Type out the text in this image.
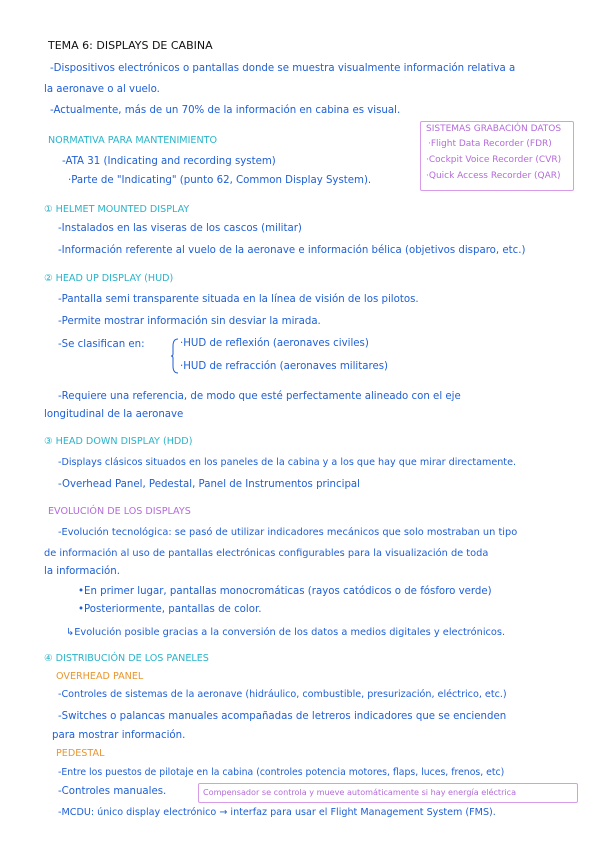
TEMA 6: DISPLAYS DE CABINA
-Dispositivos electrónicos o pantallas donde se muestra visualmente información relativa a
la aeronave o al vuelo.
-Actualmente, más de un 70% de la información en cabina es visual.
NORMATIVA PARA MANTENIMIENTO
-ATA 31 (Indicating and recording system)
·Parte de "Indicating" (punto 62, Common Display System).
SISTEMAS GRABACIÓN DATOS
·Flight Data Recorder (FDR)
·Cockpit Voice Recorder (CVR)
·Quick Access Recorder (QAR)
① HELMET MOUNTED DISPLAY
-Instalados en las viseras de los cascos (militar)
-Información referente al vuelo de la aeronave e información bélica (objetivos disparo, etc.)
② HEAD UP DISPLAY (HUD)
-Pantalla semi transparente situada en la línea de visión de los pilotos.
-Permite mostrar información sin desviar la mirada.
-Se clasifican en:	·HUD de reflexión (aeronaves civiles)
·HUD de refracción (aeronaves militares)
-Requiere una referencia, de modo que esté perfectamente alineado con el eje
longitudinal de la aeronave
③ HEAD DOWN DISPLAY (HDD)
-Displays clásicos situados en los paneles de la cabina y a los que hay que mirar directamente.
-Overhead Panel, Pedestal, Panel de Instrumentos principal
EVOLUCIÓN DE LOS DISPLAYS
-Evolución tecnológica: se pasó de utilizar indicadores mecánicos que solo mostraban un tipo
de información al uso de pantallas electrónicas configurables para la visualización de toda
la información.
•En primer lugar, pantallas monocromáticas (rayos catódicos o de fósforo verde)
•Posteriormente, pantallas de color.
↳Evolución posible gracias a la conversión de los datos a medios digitales y electrónicos.
④ DISTRIBUCIÓN DE LOS PANELES
OVERHEAD PANEL
-Controles de sistemas de la aeronave (hidráulico, combustible, presurización, eléctrico, etc.)
-Switches o palancas manuales acompañadas de letreros indicadores que se encienden
para mostrar información.
PEDESTAL
-Entre los puestos de pilotaje en la cabina (controles potencia motores, flaps, luces, frenos, etc)
-Controles manuales.	Compensador se controla y mueve automáticamente si hay energía eléctrica
-MCDU: único display electrónico → interfaz para usar el Flight Management System (FMS).
